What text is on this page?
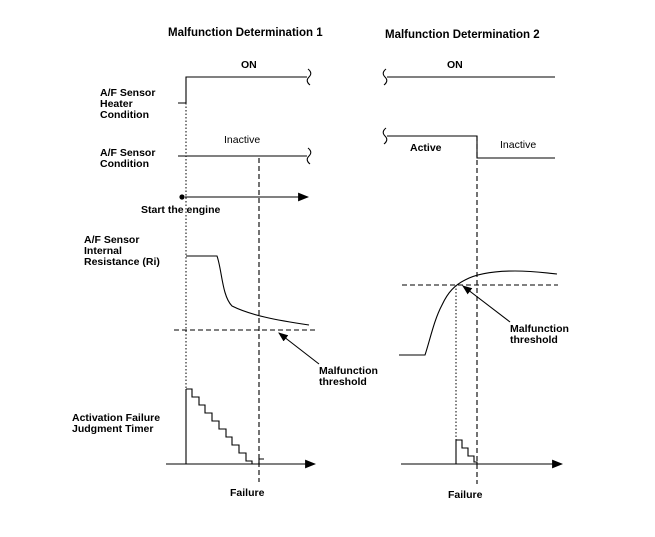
Malfunction Determination 1
A/F Sensor
Heater
Condition
ON
A/F Sensor
Condition
Inactive
Start the engine
A/F Sensor
Internal
Resistance (Ri)
Malfunction
threshold
Activation Failure
Judgment Timer
Failure
Malfunction Determination 2
ON
Active	Inactive
Malfunction
threshold
Failure
